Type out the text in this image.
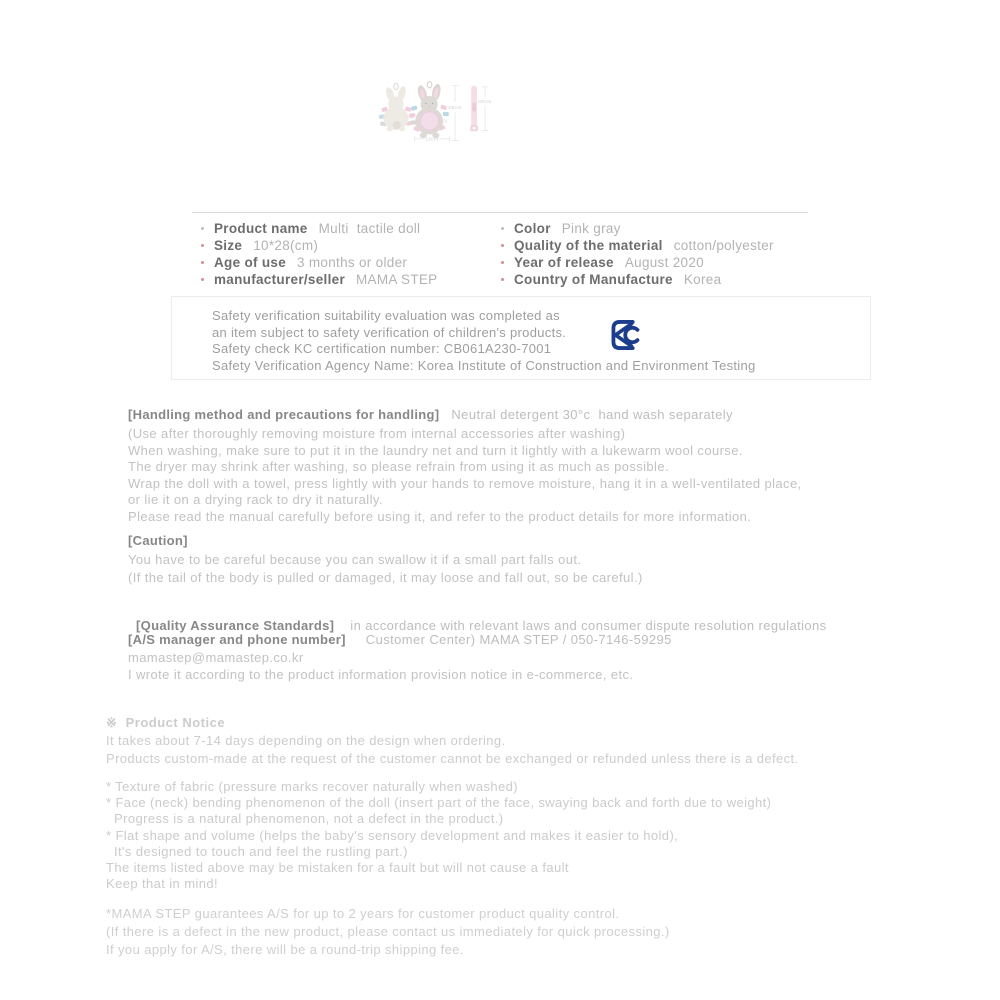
28cm
12cm
30cm
Product name Multi  tactile doll
Size 10*28(cm)
Age of use 3 months or older
manufacturer/seller MAMA STEP
Color Pink gray
Quality of the material cotton/polyester
Year of release August 2020
Country of Manufacture Korea
Safety verification suitability evaluation was completed as
an item subject to safety verification of children's products.
Safety check KC certification number: CB061A230-7001
Safety Verification Agency Name: Korea Institute of Construction and Environment Testing
[Handling method and precautions for handling]   Neutral detergent 30°c  hand wash separately
(Use after thoroughly removing moisture from internal accessories after washing)
When washing, make sure to put it in the laundry net and turn it lightly with a lukewarm wool course.
The dryer may shrink after washing, so please refrain from using it as much as possible.
Wrap the doll with a towel, press lightly with your hands to remove moisture, hang it in a well-ventilated place,
or lie it on a drying rack to dry it naturally.
Please read the manual carefully before using it, and refer to the product details for more information.
[Caution]
You have to be careful because you can swallow it if a small part falls out.
(If the tail of the body is pulled or damaged, it may loose and fall out, so be careful.)

[Quality Assurance Standards]    in accordance with relevant laws and consumer dispute resolution regulations

[A/S manager and phone number]     Customer Center) MAMA STEP / 050-7146-59295
mamastep@mamastep.co.kr
I wrote it according to the product information provision notice in e-commerce, etc.
※  Product Notice
It takes about 7-14 days depending on the design when ordering.
Products custom-made at the request of the customer cannot be exchanged or refunded unless there is a defect.
* Texture of fabric (pressure marks recover naturally when washed)
* Face (neck) bending phenomenon of the doll (insert part of the face, swaying back and forth due to weight)
Progress is a natural phenomenon, not a defect in the product.)
* Flat shape and volume (helps the baby's sensory development and makes it easier to hold),
It's designed to touch and feel the rustling part.)
The items listed above may be mistaken for a fault but will not cause a fault
Keep that in mind!
*MAMA STEP guarantees A/S for up to 2 years for customer product quality control.
(If there is a defect in the new product, please contact us immediately for quick processing.)
If you apply for A/S, there will be a round-trip shipping fee.
